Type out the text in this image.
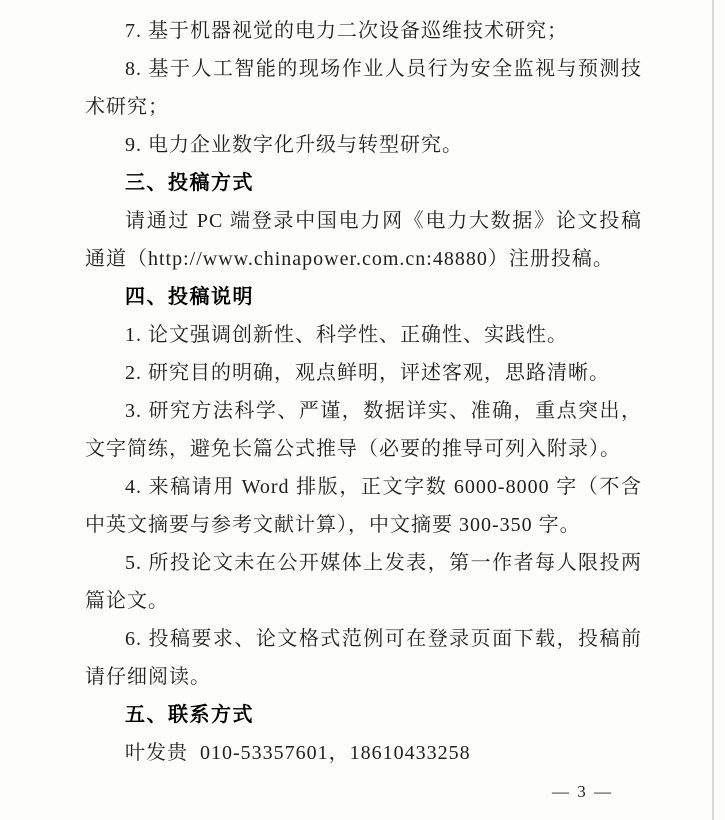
7. 基于机器视觉的电力二次设备巡维技术研究；

8. 基于人工智能的现场作业人员行为安全监视与预测技术研究；

9. 电力企业数字化升级与转型研究。

三、投稿方式

请通过 PC 端登录中国电力网《电力大数据》论文投稿通道（http://www.chinapower.com.cn:48880）注册投稿。

四、投稿说明

1. 论文强调创新性、科学性、正确性、实践性。

2. 研究目的明确，观点鲜明，评述客观，思路清晰。

3. 研究方法科学、严谨，数据详实、准确，重点突出，文字简练，避免长篇公式推导（必要的推导可列入附录）。

4. 来稿请用 Word 排版，正文字数 6000-8000 字（不含中英文摘要与参考文献计算），中文摘要 300-350 字。

5. 所投论文未在公开媒体上发表，第一作者每人限投两篇论文。

6. 投稿要求、论文格式范例可在登录页面下载，投稿前请仔细阅读。

五、联系方式

叶发贵  010-53357601，18610433258

— 3 —
